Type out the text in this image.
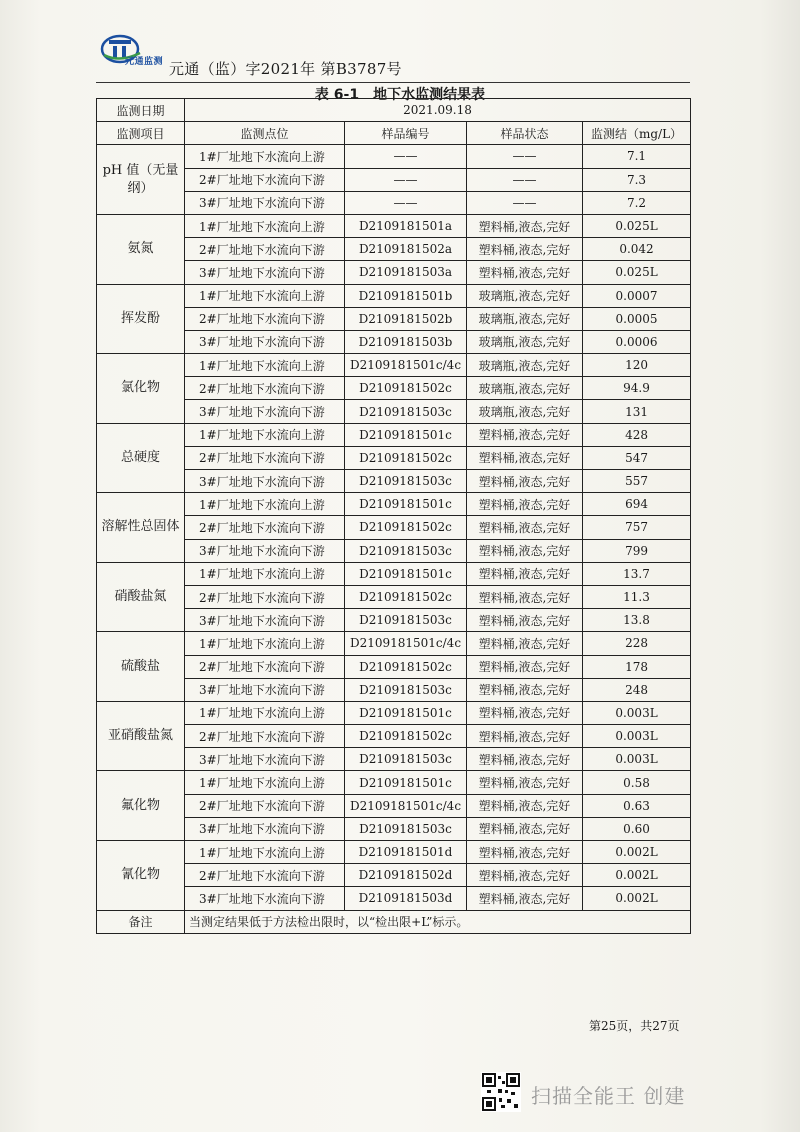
元通监测 元通（监）字2021年 第B3787号
表 6-1　地下水监测结果表
监测日期	2021.09.18			
监测项目	监测点位	样品编号	样品状态	监测结（mg/L）
pH 值（无量纲）	1#厂址地下水流向上游	——	——	7.1
	2#厂址地下水流向下游	——	——	7.3
	3#厂址地下水流向下游	——	——	7.2
氨氮	1#厂址地下水流向上游	D2109181501a	塑料桶,液态,完好	0.025L
	2#厂址地下水流向下游	D2109181502a	塑料桶,液态,完好	0.042
	3#厂址地下水流向下游	D2109181503a	塑料桶,液态,完好	0.025L
挥发酚	1#厂址地下水流向上游	D2109181501b	玻璃瓶,液态,完好	0.0007
	2#厂址地下水流向下游	D2109181502b	玻璃瓶,液态,完好	0.0005
	3#厂址地下水流向下游	D2109181503b	玻璃瓶,液态,完好	0.0006
氯化物	1#厂址地下水流向上游	D2109181501c/4c	玻璃瓶,液态,完好	120
	2#厂址地下水流向下游	D2109181502c	玻璃瓶,液态,完好	94.9
	3#厂址地下水流向下游	D2109181503c	玻璃瓶,液态,完好	131
总硬度	1#厂址地下水流向上游	D2109181501c	塑料桶,液态,完好	428
	2#厂址地下水流向下游	D2109181502c	塑料桶,液态,完好	547
	3#厂址地下水流向下游	D2109181503c	塑料桶,液态,完好	557
溶解性总固体	1#厂址地下水流向上游	D2109181501c	塑料桶,液态,完好	694
	2#厂址地下水流向下游	D2109181502c	塑料桶,液态,完好	757
	3#厂址地下水流向下游	D2109181503c	塑料桶,液态,完好	799
硝酸盐氮	1#厂址地下水流向上游	D2109181501c	塑料桶,液态,完好	13.7
	2#厂址地下水流向下游	D2109181502c	塑料桶,液态,完好	11.3
	3#厂址地下水流向下游	D2109181503c	塑料桶,液态,完好	13.8
硫酸盐	1#厂址地下水流向上游	D2109181501c/4c	塑料桶,液态,完好	228
	2#厂址地下水流向下游	D2109181502c	塑料桶,液态,完好	178
	3#厂址地下水流向下游	D2109181503c	塑料桶,液态,完好	248
亚硝酸盐氮	1#厂址地下水流向上游	D2109181501c	塑料桶,液态,完好	0.003L
	2#厂址地下水流向下游	D2109181502c	塑料桶,液态,完好	0.003L
	3#厂址地下水流向下游	D2109181503c	塑料桶,液态,完好	0.003L
氟化物	1#厂址地下水流向上游	D2109181501c	塑料桶,液态,完好	0.58
	2#厂址地下水流向下游	D2109181501c/4c	塑料桶,液态,完好	0.63
	3#厂址地下水流向下游	D2109181503c	塑料桶,液态,完好	0.60
氰化物	1#厂址地下水流向上游	D2109181501d	塑料桶,液态,完好	0.002L
	2#厂址地下水流向下游	D2109181502d	塑料桶,液态,完好	0.002L
	3#厂址地下水流向下游	D2109181503d	塑料桶,液态,完好	0.002L
备注	当测定结果低于方法检出限时，以“检出限+L”标示。			
第25页，共27页
扫描全能王 创建
